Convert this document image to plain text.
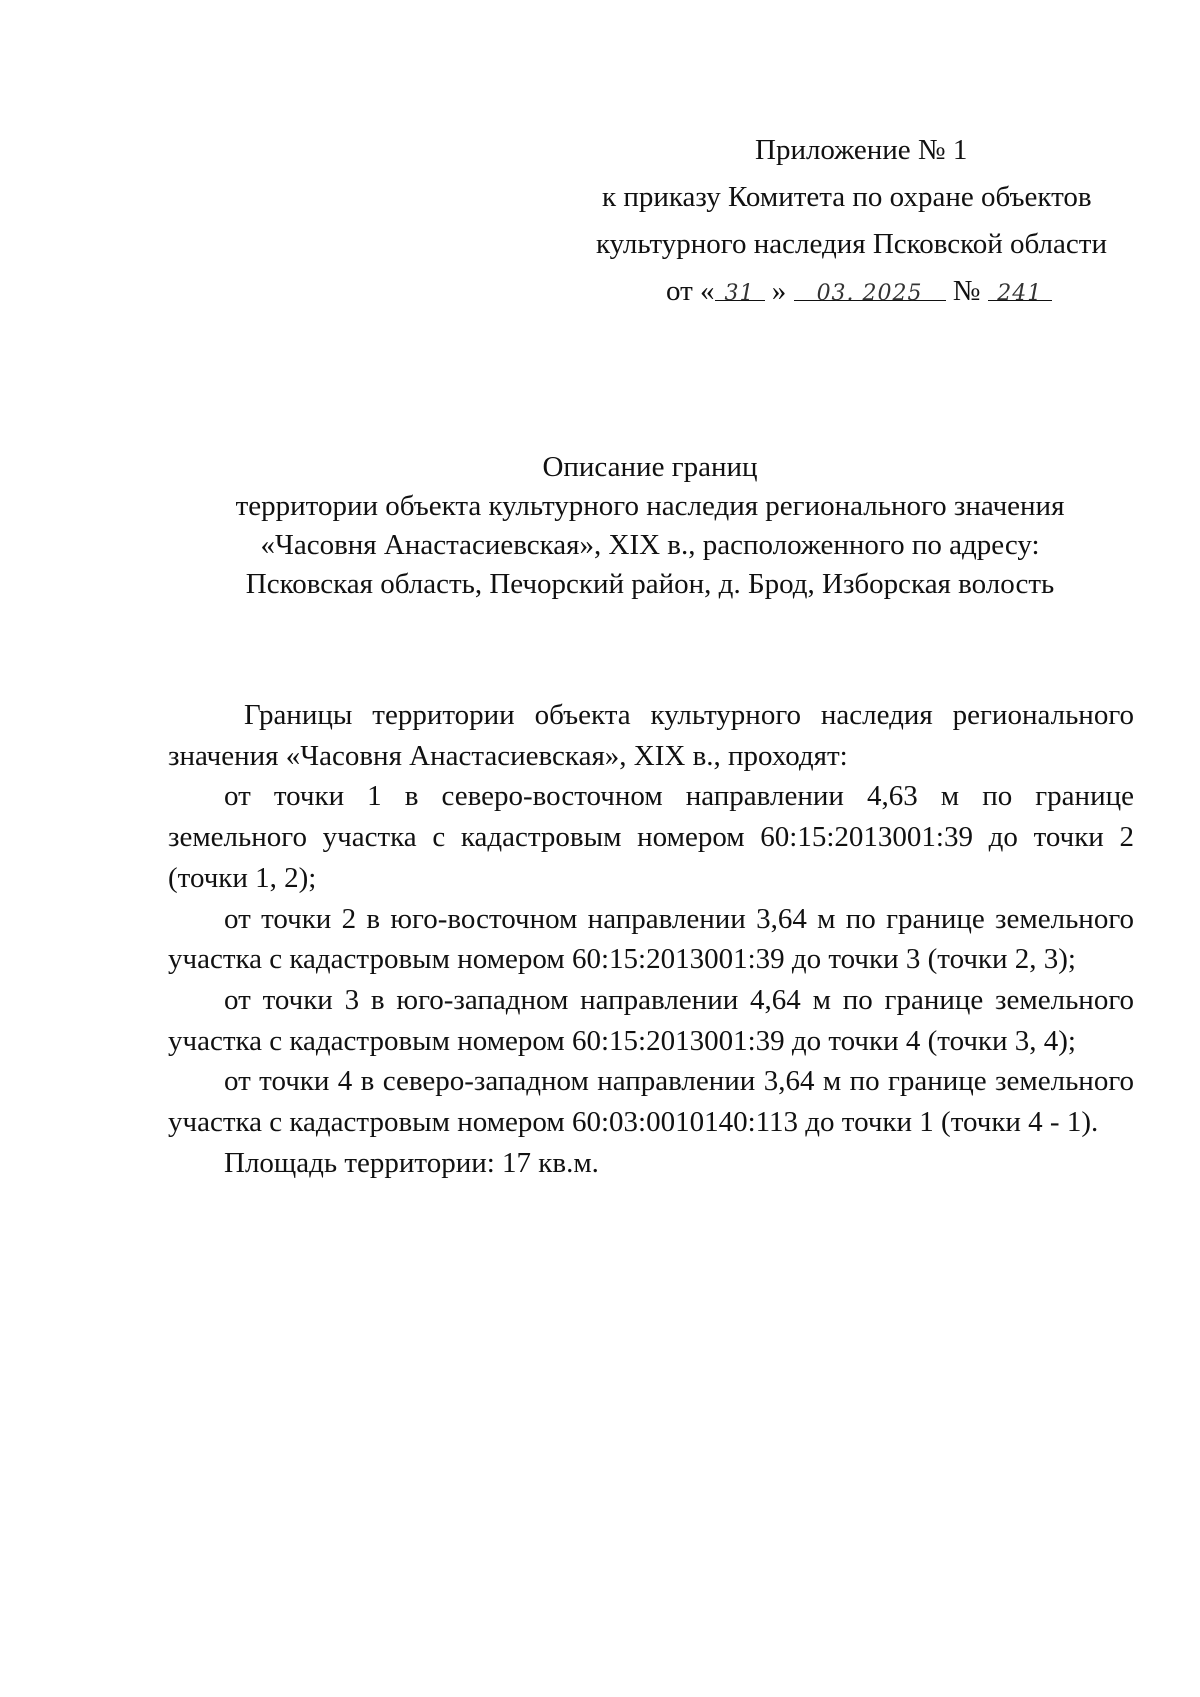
Приложение № 1
к приказу Комитета по охране объектов
культурного наследия Псковской области
от « 31 » 03. 2025 № 241
Описание границ
территории объекта культурного наследия регионального значения
«Часовня Анастасиевская», XIX в., расположенного по адресу:
Псковская область, Печорский район, д. Брод, Изборская волость
Границы территории объекта культурного наследия регионального значения «Часовня Анастасиевская», XIX в., проходят:
от точки 1 в северо-восточном направлении 4,63 м по границе земельного участка с кадастровым номером 60:15:2013001:39 до точки 2 (точки 1, 2);
от точки 2 в юго-восточном направлении 3,64 м по границе земельного участка с кадастровым номером 60:15:2013001:39 до точки 3 (точки 2, 3);
от точки 3 в юго-западном направлении 4,64 м по границе земельного участка с кадастровым номером 60:15:2013001:39 до точки 4 (точки 3, 4);
от точки 4 в северо-западном направлении 3,64 м по границе земельного участка с кадастровым номером 60:03:0010140:113 до точки 1 (точки 4 - 1).
Площадь территории: 17 кв.м.
